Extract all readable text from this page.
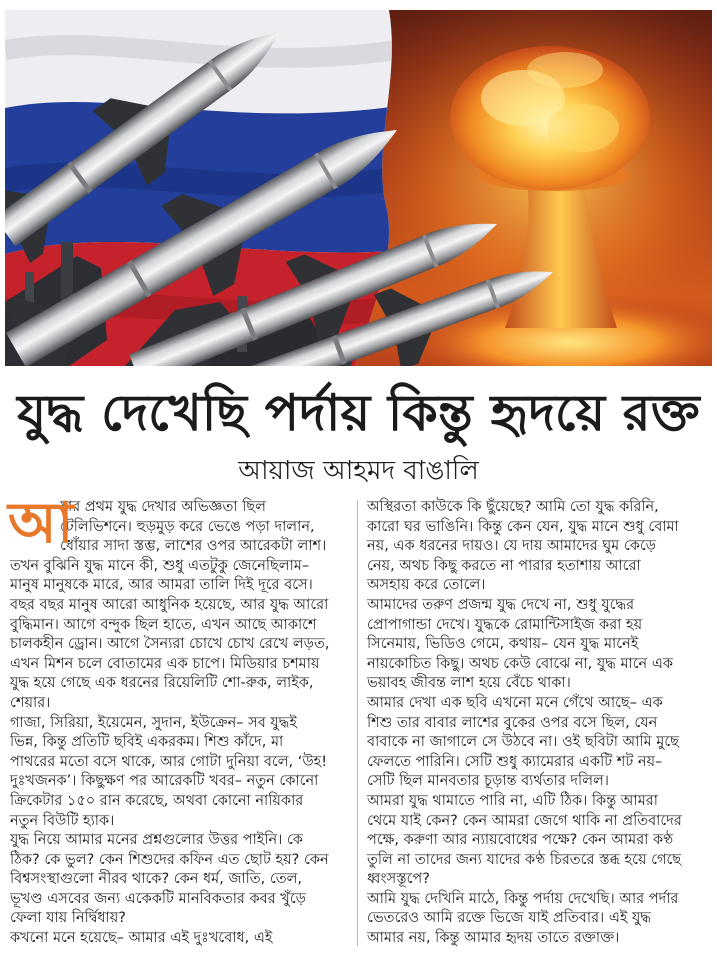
যুদ্ধ দেখেছি পর্দায় কিন্তু হৃদয়ে রক্ত
আয়াজ আহমদ বাঙালি
আ
মার প্রথম যুদ্ধ দেখার অভিজ্ঞতা ছিল
টেলিভিশনে। হুড়মুড় করে ভেঙে পড়া দালান,
ধোঁয়ার সাদা স্তম্ভ, লাশের ওপর আরেকটা লাশ।
তখন বুঝিনি যুদ্ধ মানে কী, শুধু এতটুকু জেনেছিলাম–
মানুষ মানুষকে মারে, আর আমরা তালি দিই দূরে বসে।
বছর বছর মানুষ আরো আধুনিক হয়েছে, আর যুদ্ধ আরো
বুদ্ধিমান। আগে বন্দুক ছিল হাতে, এখন আছে আকাশে
চালকহীন ড্রোন। আগে সৈন্যরা চোখে চোখ রেখে লড়ত,
এখন মিশন চলে বোতামের এক চাপে। মিডিয়ার চশমায়
যুদ্ধ হয়ে গেছে এক ধরনের রিয়েলিটি শো-রুক, লাইক,
শেয়ার।
গাজা, সিরিয়া, ইয়েমেন, সুদান, ইউক্রেন– সব যুদ্ধই
ভিন্ন, কিন্তু প্রতিটি ছবিই একরকম। শিশু কাঁদে, মা
পাথরের মতো বসে থাকে, আর গোটা দুনিয়া বলে, ‘উহ!
দুঃখজনক’। কিছুক্ষণ পর আরেকটি খবর– নতুন কোনো
ক্রিকেটার ১৫০ রান করেছে, অথবা কোনো নায়িকার
নতুন বিউটি হ্যাক।
যুদ্ধ নিয়ে আমার মনের প্রশ্নগুলোর উত্তর পাইনি। কে
ঠিক? কে ভুল? কেন শিশুদের কফিন এত ছোট হয়? কেন
বিশ্বসংস্থাগুলো নীরব থাকে? কেন ধর্ম, জাতি, তেল,
ভূখণ্ড এসবের জন্য একেকটি মানবিকতার কবর খুঁড়ে
ফেলা যায় নির্দ্বিধায়?
কখনো মনে হয়েছে– আমার এই দুঃখবোধ, এই
অস্থিরতা কাউকে কি ছুঁয়েছে? আমি তো যুদ্ধ করিনি,
কারো ঘর ভাঙিনি। কিন্তু কেন যেন, যুদ্ধ মানে শুধু বোমা
নয়, এক ধরনের দায়ও। যে দায় আমাদের ঘুম কেড়ে
নেয়, অথচ কিছু করতে না পারার হতাশায় আরো
অসহায় করে তোলে।
আমাদের তরুণ প্রজন্ম যুদ্ধ দেখে না, শুধু যুদ্ধের
প্রোপাগান্ডা দেখে। যুদ্ধকে রোমান্টিসাইজ করা হয়
সিনেমায়, ভিডিও গেমে, কথায়– যেন যুদ্ধ মানেই
নায়কোচিত কিছু। অথচ কেউ বোঝে না, যুদ্ধ মানে এক
ভয়াবহ জীবন্ত লাশ হয়ে বেঁচে থাকা।
আমার দেখা এক ছবি এখনো মনে গেঁথে আছে– এক
শিশু তার বাবার লাশের বুকের ওপর বসে ছিল, যেন
বাবাকে না জাগালে সে উঠবে না। ওই ছবিটা আমি মুছে
ফেলতে পারিনি। সেটি শুধু ক্যামেরার একটি শট নয়–
সেটি ছিল মানবতার চূড়ান্ত ব্যর্থতার দলিল।
আমরা যুদ্ধ থামাতে পারি না, এটি ঠিক। কিন্তু আমরা
থেমে যাই কেন? কেন আমরা জেগে থাকি না প্রতিবাদের
পক্ষে, করুণা আর ন্যায়বোধের পক্ষে? কেন আমরা কণ্ঠ
তুলি না তাদের জন্য যাদের কণ্ঠ চিরতরে স্তব্ধ হয়ে গেছে
ধ্বংসস্তূপে?
আমি যুদ্ধ দেখিনি মাঠে, কিন্তু পর্দায় দেখেছি। আর পর্দার
ভেতরেও আমি রক্তে ভিজে যাই প্রতিবার। এই যুদ্ধ
আমার নয়, কিন্তু আমার হৃদয় তাতে রক্তাক্ত।
